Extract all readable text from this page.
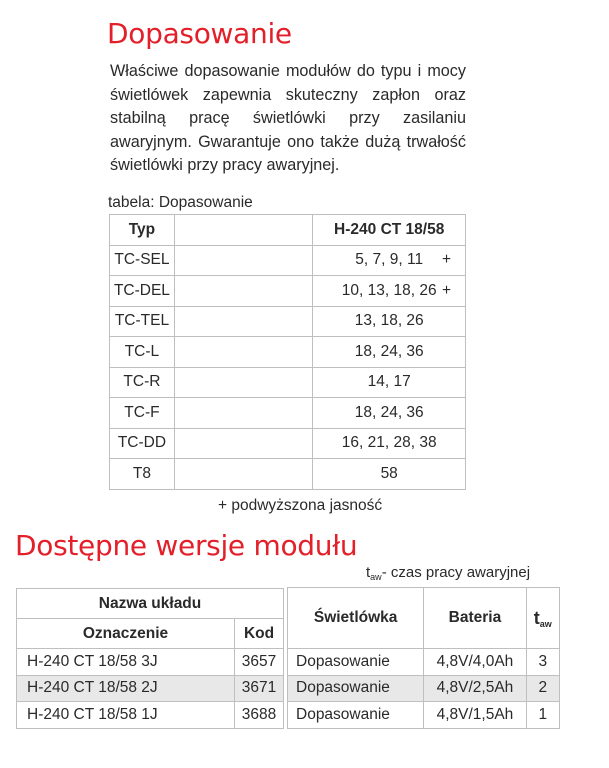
Dopasowanie

Właściwe dopasowanie modułów do typu i mocy świetlówek zapewnia skuteczny zapłon oraz stabilną pracę świetlówki przy zasilaniu awaryjnym. Gwarantuje ono także dużą trwałość świetlówki przy pracy awaryjnej.

tabela: Dopasowanie
Typ		H-240 CT 18/58
TC-SEL		5, 7, 9, 11 +

TC-DEL		10, 13, 18, 26 +

TC-TEL		13, 18, 26
TC-L		18, 24, 36
TC-R		14, 17
TC-F		18, 24, 36
TC-DD		16, 21, 28, 38
T8		58
+ podwyższona jasność
Dostępne wersje modułu
$t_{aw}-$ czas pracy awaryjnej
Nazwa układu	
Oznaczenie	Kod
H-240 CT 18/58 3J	3657
H-240 CT 18/58 2J	3671
H-240 CT 18/58 1J	3688
Świetlówka	Bateria	$t_{aw}$
Dopasowanie	4,8V/4,0Ah	3
Dopasowanie	4,8V/2,5Ah	2
Dopasowanie	4,8V/1,5Ah	1
